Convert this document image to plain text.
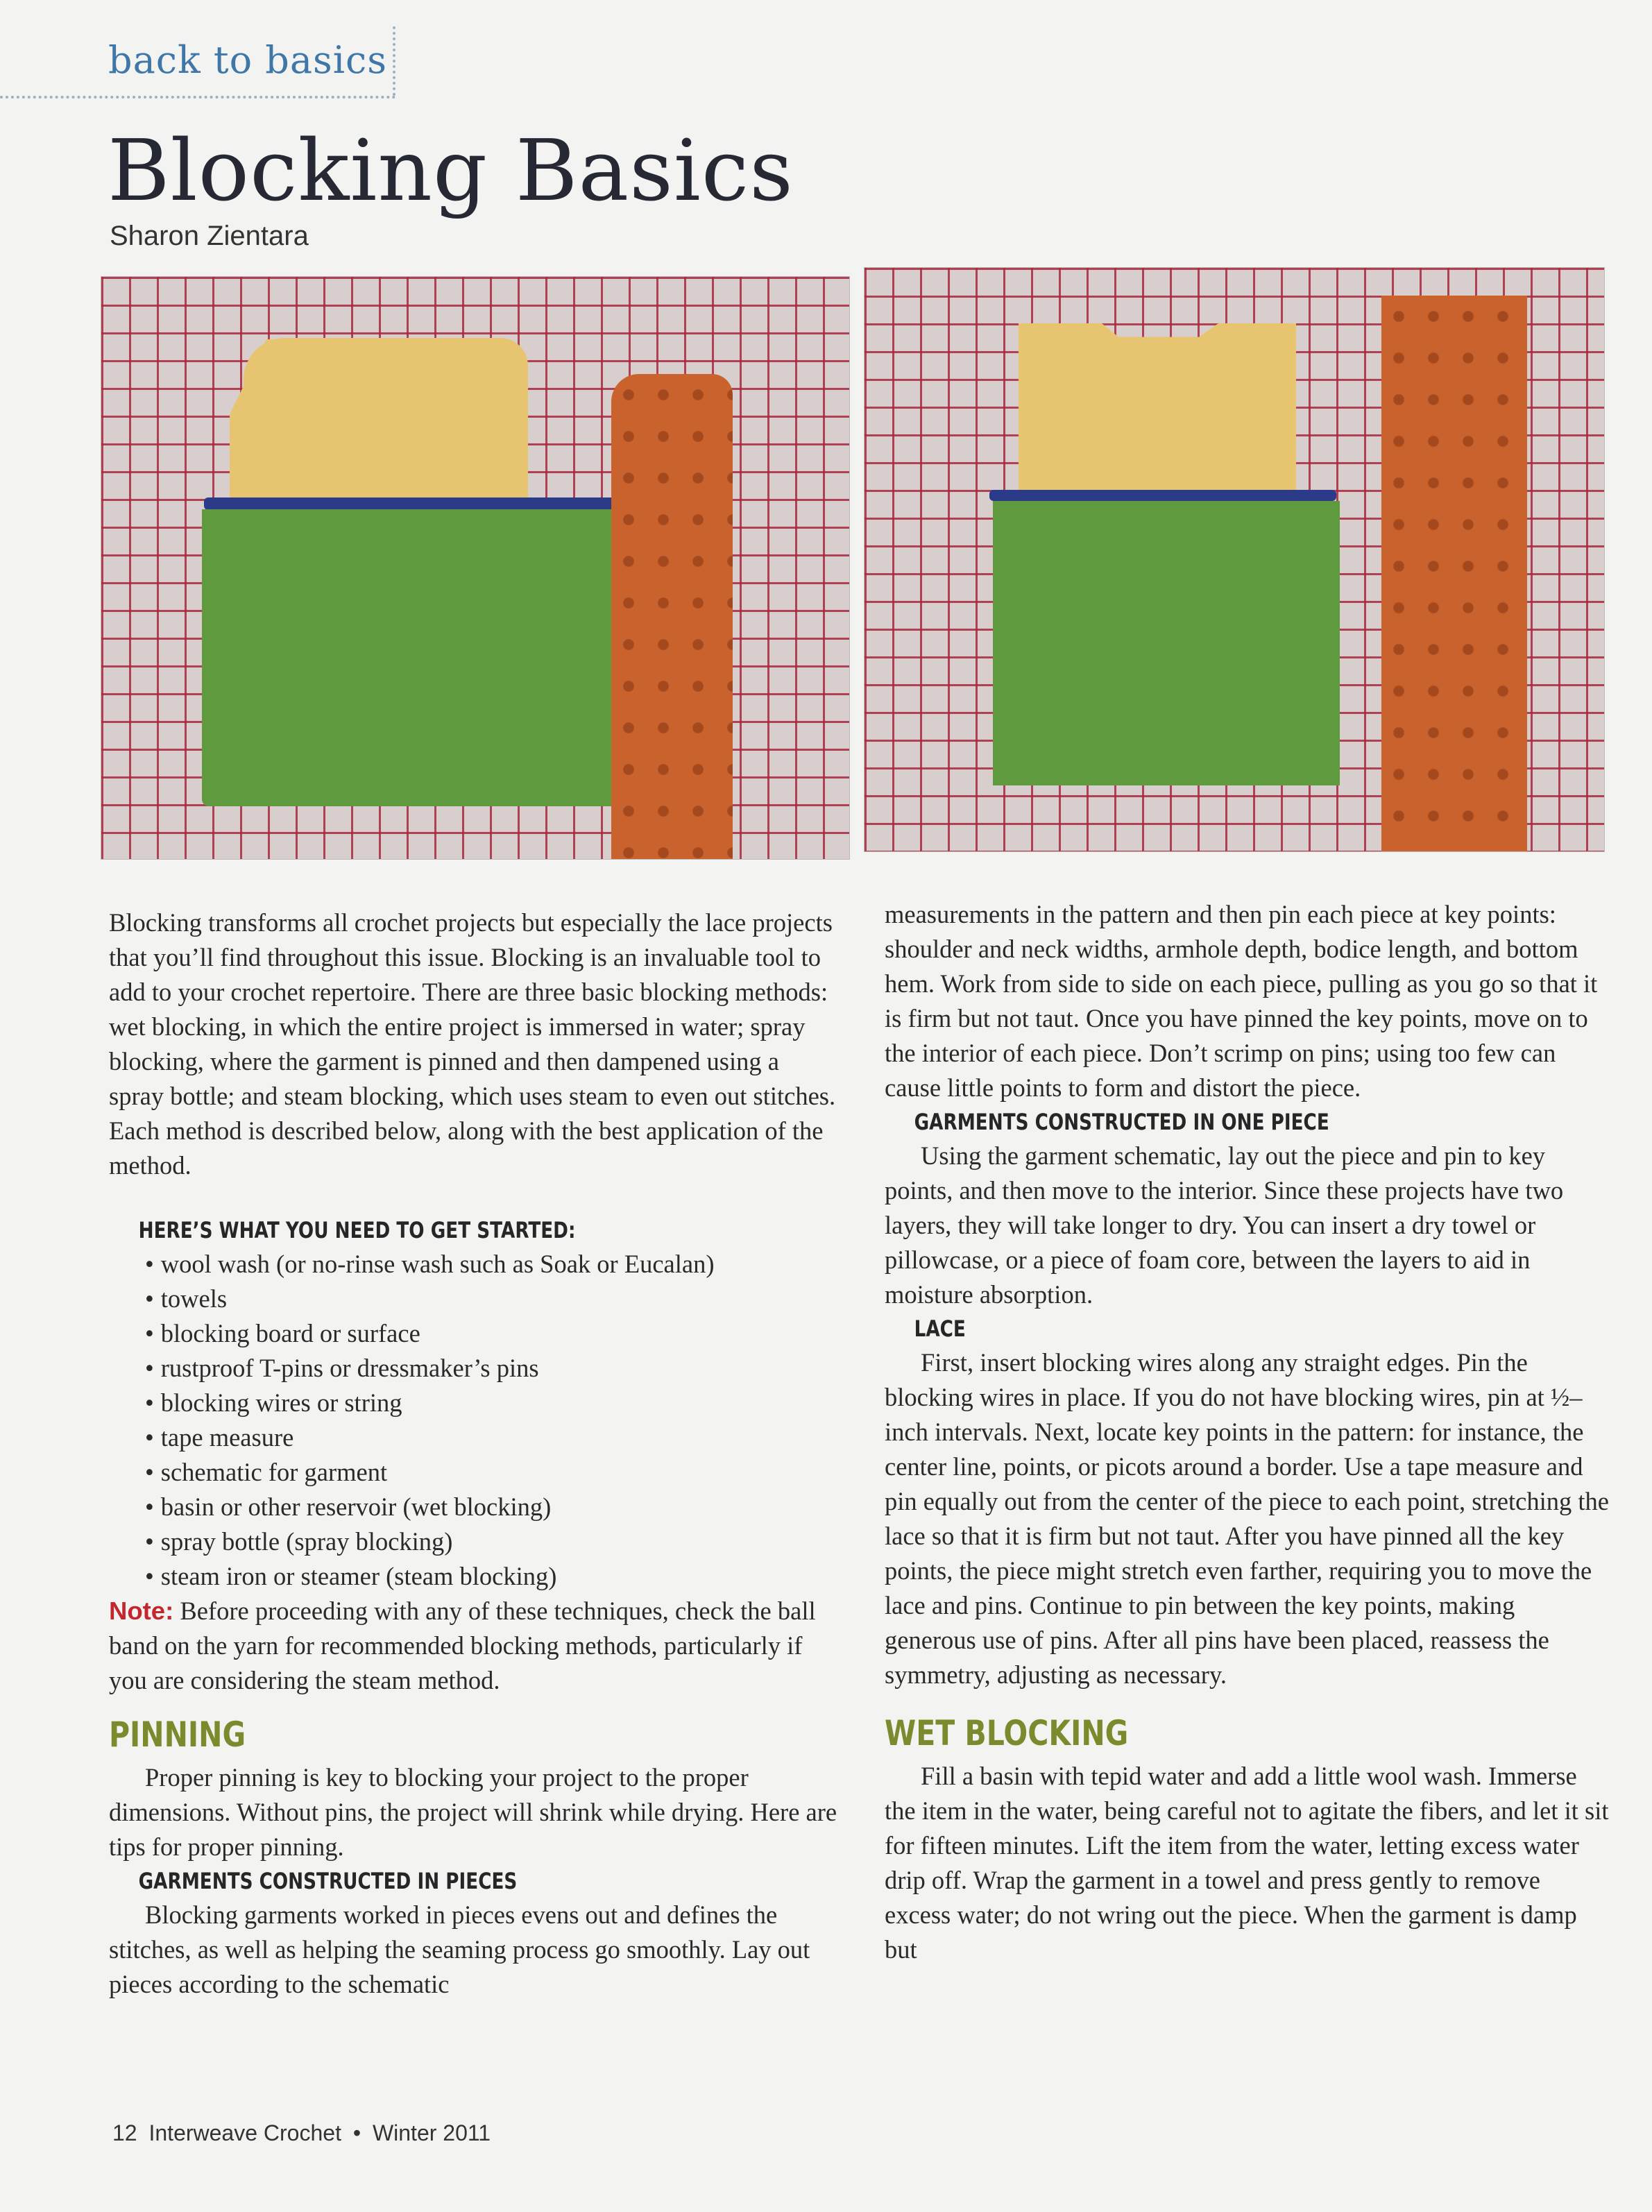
back to basics
Blocking Basics
Sharon Zientara

Blocking transforms all crochet projects but especially the lace projects that you’ll find throughout this issue. Blocking is an invaluable tool to add to your crochet repertoire. There are three basic blocking methods: wet blocking, in which the entire project is immersed in water; spray blocking, where the garment is pinned and then dampened using a spray bottle; and steam blocking, which uses steam to even out stitches. Each method is described below, along with the best application of the method.

HERE’S WHAT YOU NEED TO GET STARTED:
• wool wash (or no-rinse wash such as Soak or Eucalan)
• towels
• blocking board or surface
• rustproof T-pins or dressmaker’s pins
• blocking wires or string
• tape measure
• schematic for garment
• basin or other reservoir (wet blocking)
• spray bottle (spray blocking)
• steam iron or steamer (steam blocking)

Note: Before proceeding with any of these techniques, check the ball band on the yarn for recommended blocking methods, particularly if you are considering the steam method.

PINNING

Proper pinning is key to blocking your project to the proper dimensions. Without pins, the project will shrink while drying. Here are tips for proper pinning.

GARMENTS CONSTRUCTED IN PIECES

Blocking garments worked in pieces evens out and defines the stitches, as well as helping the seaming process go smoothly. Lay out pieces according to the schematic

measurements in the pattern and then pin each piece at key points: shoulder and neck widths, armhole depth, bodice length, and bottom hem. Work from side to side on each piece, pulling as you go so that it is firm but not taut. Once you have pinned the key points, move on to the interior of each piece. Don’t scrimp on pins; using too few can cause little points to form and distort the piece.

GARMENTS CONSTRUCTED IN ONE PIECE

Using the garment schematic, lay out the piece and pin to key points, and then move to the interior. Since these projects have two layers, they will take longer to dry. You can insert a dry towel or pillowcase, or a piece of foam core, between the layers to aid in moisture absorption.

LACE

First, insert blocking wires along any straight edges. Pin the blocking wires in place. If you do not have blocking wires, pin at ½–inch intervals. Next, locate key points in the pattern: for instance, the center line, points, or picots around a border. Use a tape measure and pin equally out from the center of the piece to each point, stretching the lace so that it is firm but not taut. After you have pinned all the key points, the piece might stretch even farther, requiring you to move the lace and pins. Continue to pin between the key points, making generous use of pins. After all pins have been placed, reassess the symmetry, adjusting as necessary.

WET BLOCKING

Fill a basin with tepid water and add a little wool wash. Immerse the item in the water, being careful not to agitate the fibers, and let it sit for fifteen minutes. Lift the item from the water, letting excess water drip off. Wrap the garment in a towel and press gently to remove excess water; do not wring out the piece. When the garment is damp but

12 Interweave Crochet • Winter 2011
